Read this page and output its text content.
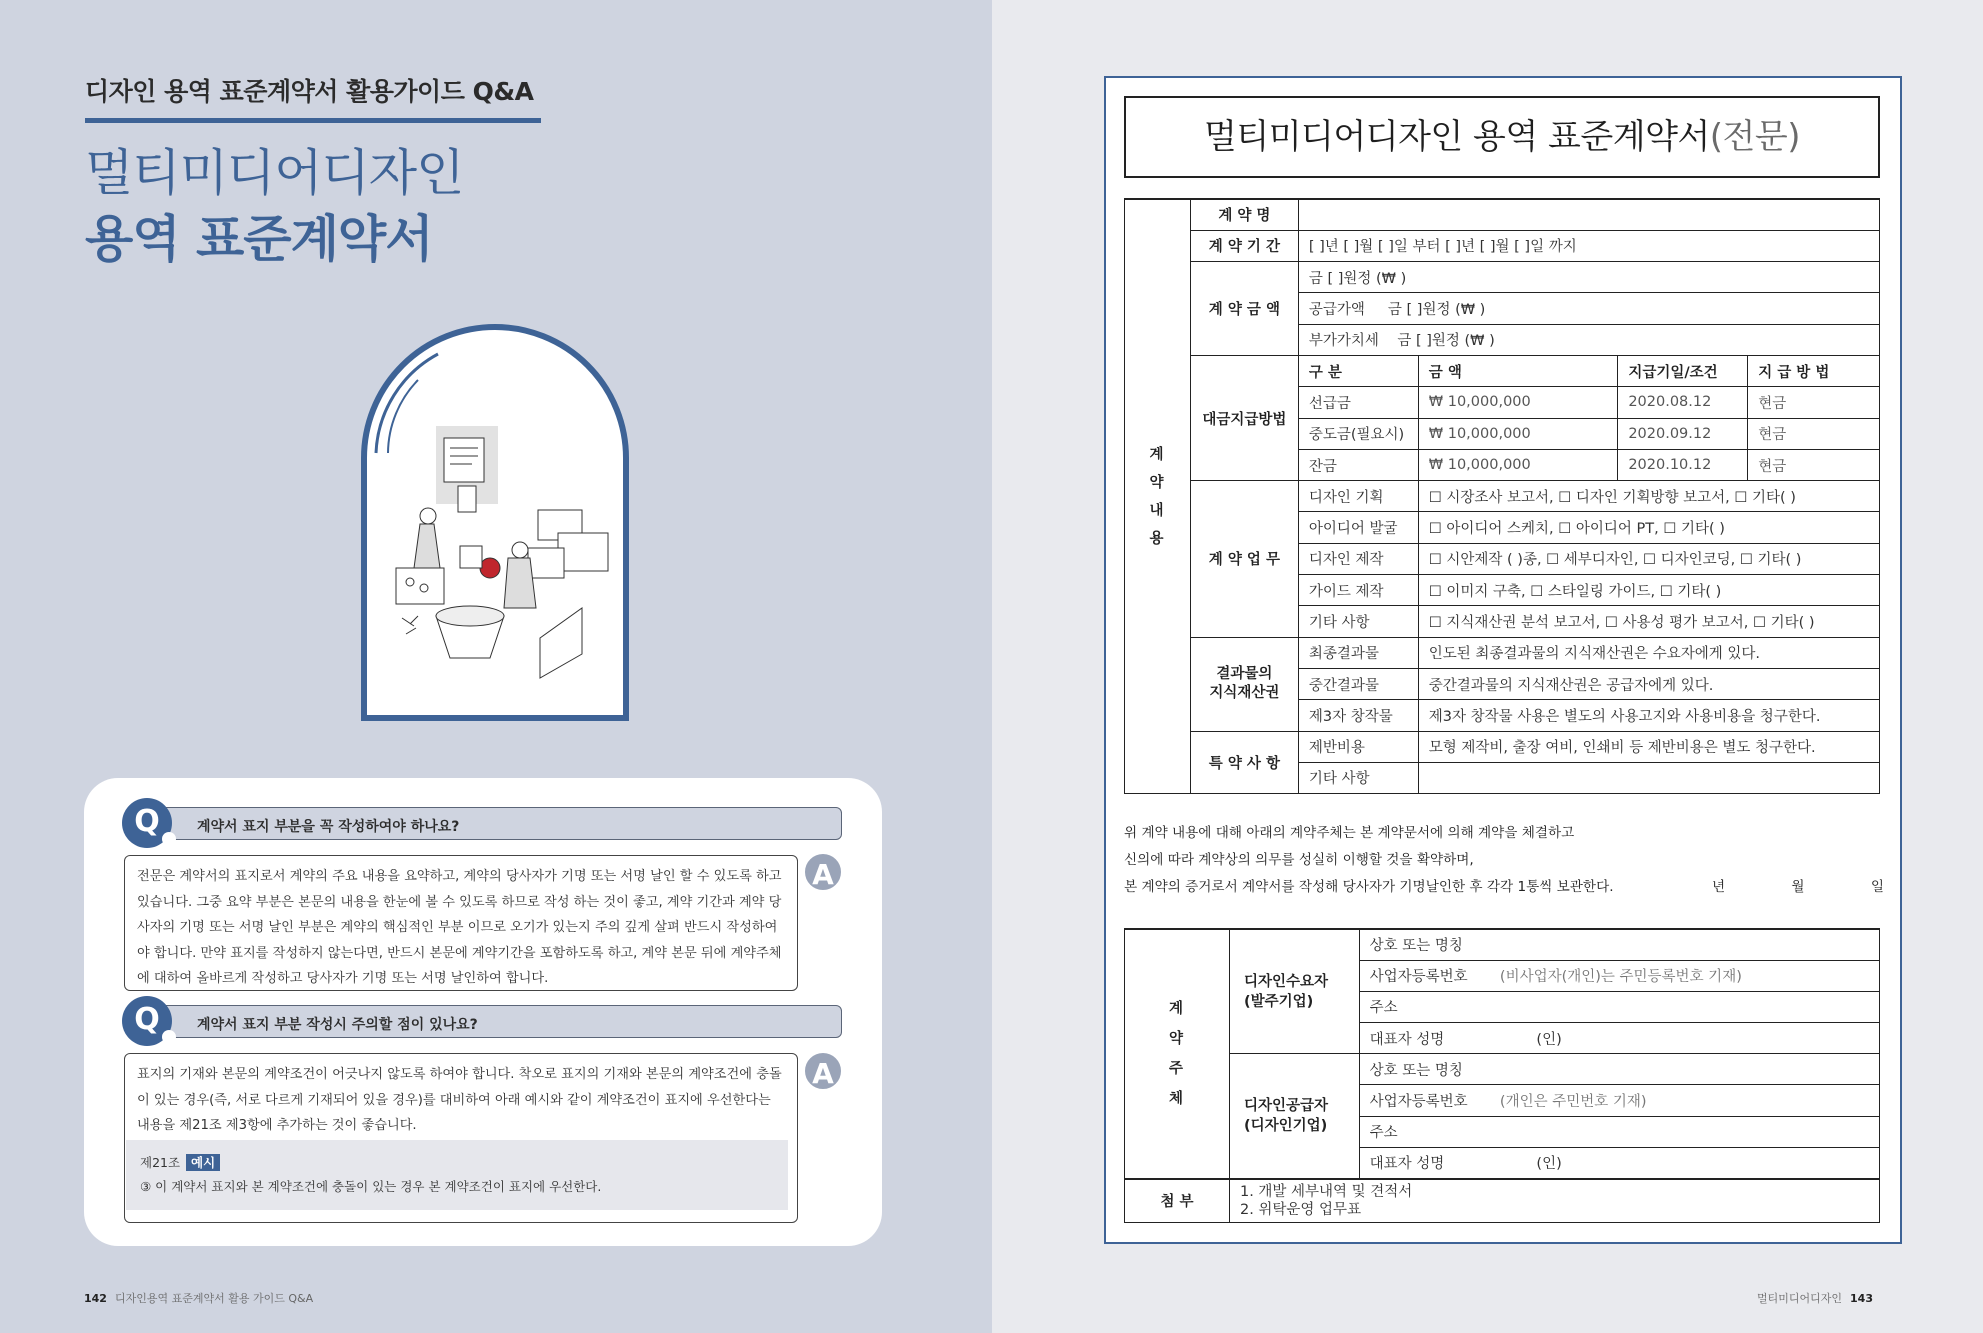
디자인 용역 표준계약서 활용가이드 Q&A
멀티미디어디자인
용역 표준계약서
계약서 표지 부분을 꼭 작성하여야 하나요?
Q
전문은 계약서의 표지로서 계약의 주요 내용을 요약하고, 계약의 당사자가 기명 또는 서명 날인 할 수 있도록 하고 있습니다. 그중 요약 부분은 본문의 내용을 한눈에 볼 수 있도록 하므로 작성 하는 것이 좋고, 계약 기간과 계약 당사자의 기명 또는 서명 날인 부분은 계약의 핵심적인 부분 이므로 오기가 있는지 주의 깊게 살펴 반드시 작성하여야 합니다. 만약 표지를 작성하지 않는다면, 반드시 본문에 계약기간을 포함하도록 하고, 계약 본문 뒤에 계약주체에 대하여 올바르게 작성하고 당사자가 기명 또는 서명 날인하여 합니다.
A
계약서 표지 부분 작성시 주의할 점이 있나요?
Q
표지의 기재와 본문의 계약조건이 어긋나지 않도록 하여야 합니다. 착오로 표지의 기재와 본문의 계약조건에 충돌이 있는 경우(즉, 서로 다르게 기재되어 있을 경우)를 대비하여 아래 예시와 같이 계약조건이 표지에 우선한다는 내용을 제21조 제3항에 추가하는 것이 좋습니다.
A
제21조 예시
③ 이 계약서 표지와 본 계약조건에 충돌이 있는 경우 본 계약조건이 표지에 우선한다.
142 디자인용역 표준계약서 활용 가이드 Q&A	멀티미디어디자인 143
멀티미디어디자인 용역 표준계약서(전문)
계약내용	계 약 명				
	계 약 기 간	[ ]년 [ ]월 [ ]일 부터 [ ]년 [ ]월 [ ]일 까지			
	계 약 금 액	금 [ ]원정 (₩ )			
		공급가액 금 [ ]원정 (₩ )			
		부가가치세 금 [ ]원정 (₩ )			
	대금지급방법	구 분	금 액	지급기일/조건	지 급 방 법
		선급금	₩ 10,000,000	2020.08.12	현금
		중도금(필요시)	₩ 10,000,000	2020.09.12	현금
		잔금	₩ 10,000,000	2020.10.12	현금
	계 약 업 무	디자인 기획	☐ 시장조사 보고서, ☐ 디자인 기획방향 보고서, ☐ 기타( )		
		아이디어 발굴	☐ 아이디어 스케치, ☐ 아이디어 PT, ☐ 기타( )		
		디자인 제작	☐ 시안제작 ( )종, ☐ 세부디자인, ☐ 디자인코딩, ☐ 기타( )		
		가이드 제작	☐ 이미지 구축, ☐ 스타일링 가이드, ☐ 기타( )		
		기타 사항	☐ 지식재산권 분석 보고서, ☐ 사용성 평가 보고서, ☐ 기타( )		
	결과물의 지식재산권	최종결과물	인도된 최종결과물의 지식재산권은 수요자에게 있다.		
		중간결과물	중간결과물의 지식재산권은 공급자에게 있다.		
		제3자 창작물	제3자 창작물 사용은 별도의 사용고지와 사용비용을 청구한다.		
	특 약 사 항	제반비용	모형 제작비, 출장 여비, 인쇄비 등 제반비용은 별도 청구한다.		
		기타 사항			
위 계약 내용에 대해 아래의 계약주체는 본 계약문서에 의해 계약을 체결하고
신의에 따라 계약상의 의무를 성실히 이행할 것을 확약하며,
본 계약의 증거로서 계약서를 작성해 당사자가 기명날인한 후 각각 1통씩 보관한다.	년 월 일
계약주체	디자인수요자 (발주기업)	상호 또는 명칭
		사업자등록번호 (비사업자(개인)는 주민등록번호 기재)
		주소
		대표자 성명 (인)
	디자인공급자 (디자인기업)	상호 또는 명칭
		사업자등록번호 (개인은 주민번호 기재)
		주소
		대표자 성명 (인)
첨 부	1. 개발 세부내역 및 견적서
2. 위탁운영 업무표	
